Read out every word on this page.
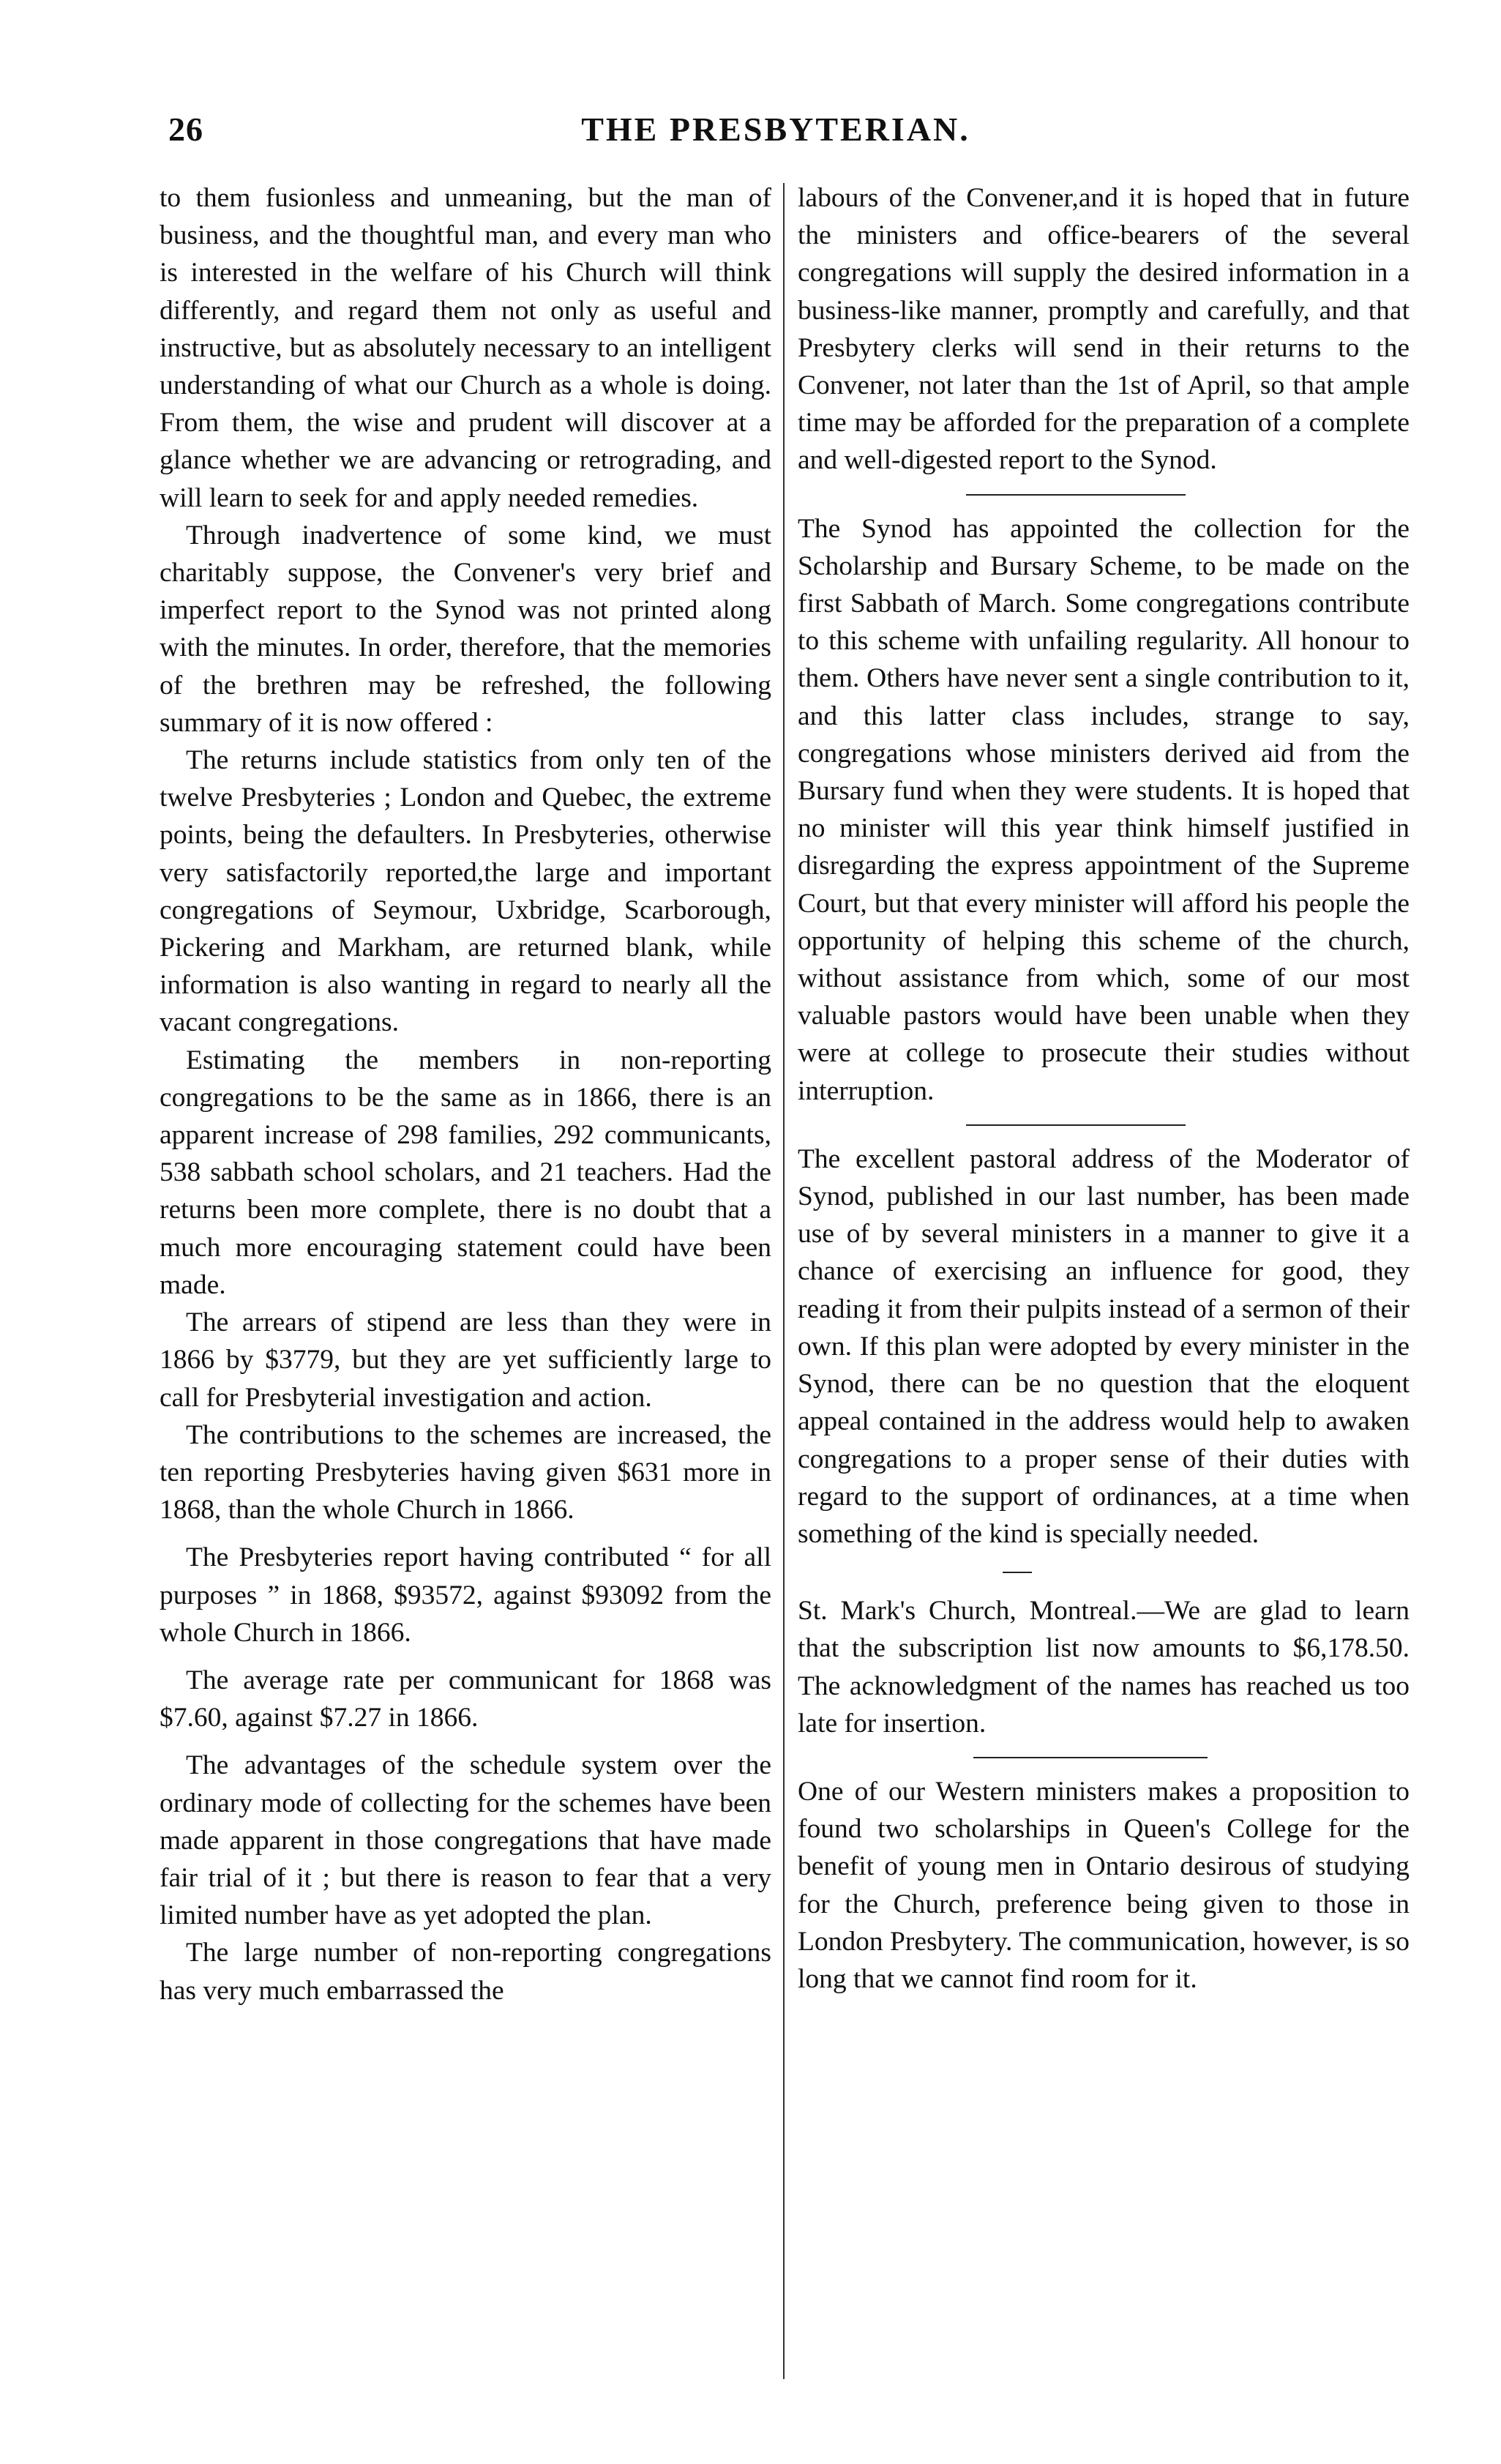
26	THE PRESBYTERIAN.

to them fusionless and unmeaning, but the man of business, and the thoughtful man, and every man who is interested in the welfare of his Church will think differently, and regard them not only as useful and instructive, but as absolutely necessary to an intelligent understanding of what our Church as a whole is doing. From them, the wise and prudent will discover at a glance whether we are advancing or retrograding, and will learn to seek for and apply needed remedies.

Through inadvertence of some kind, we must charitably suppose, the Convener's very brief and imperfect report to the Synod was not printed along with the minutes. In order, therefore, that the memories of the brethren may be refreshed, the following summary of it is now offered :

The returns include statistics from only ten of the twelve Presbyteries ; London and Quebec, the extreme points, being the defaulters. In Presbyteries, otherwise very satisfactorily reported,the large and important congregations of Seymour, Uxbridge, Scarborough, Pickering and Markham, are returned blank, while information is also wanting in regard to nearly all the vacant congregations.

Estimating the members in non-reporting congregations to be the same as in 1866, there is an apparent increase of 298 families, 292 communicants, 538 sabbath school scholars, and 21 teachers. Had the returns been more complete, there is no doubt that a much more encouraging statement could have been made.

The arrears of stipend are less than they were in 1866 by $3779, but they are yet sufficiently large to call for Presbyterial investigation and action.

The contributions to the schemes are increased, the ten reporting Presbyteries having given $631 more in 1868, than the whole Church in 1866.

The Presbyteries report having contributed “ for all purposes ” in 1868, $93572, against $93092 from the whole Church in 1866.

The average rate per communicant for 1868 was $7.60, against $7.27 in 1866.

The advantages of the schedule system over the ordinary mode of collecting for the schemes have been made apparent in those congregations that have made fair trial of it ; but there is reason to fear that a very limited number have as yet adopted the plan.

The large number of non-reporting congregations has very much embarrassed the

labours of the Convener,and it is hoped that in future the ministers and office-bearers of the several congregations will supply the desired information in a business-like manner, promptly and carefully, and that Presbytery clerks will send in their returns to the Convener, not later than the 1st of April, so that ample time may be afforded for the preparation of a complete and well-digested report to the Synod.

The Synod has appointed the collection for the Scholarship and Bursary Scheme, to be made on the first Sabbath of March. Some congregations contribute to this scheme with unfailing regularity. All honour to them. Others have never sent a single contribution to it, and this latter class includes, strange to say, congregations whose ministers derived aid from the Bursary fund when they were students. It is hoped that no minister will this year think himself justified in disregarding the express appointment of the Supreme Court, but that every minister will afford his people the opportunity of helping this scheme of the church, without assistance from which, some of our most valuable pastors would have been unable when they were at college to prosecute their studies without interruption.

The excellent pastoral address of the Moderator of Synod, published in our last number, has been made use of by several ministers in a manner to give it a chance of exercising an influence for good, they reading it from their pulpits instead of a sermon of their own. If this plan were adopted by every minister in the Synod, there can be no question that the eloquent appeal contained in the address would help to awaken congregations to a proper sense of their duties with regard to the support of ordinances, at a time when something of the kind is specially needed.

St. Mark's Church, Montreal.—We are glad to learn that the subscription list now amounts to $6,178.50. The acknowledgment of the names has reached us too late for insertion.

One of our Western ministers makes a proposition to found two scholarships in Queen's College for the benefit of young men in Ontario desirous of studying for the Church, preference being given to those in London Presbytery. The communication, however, is so long that we cannot find room for it.
